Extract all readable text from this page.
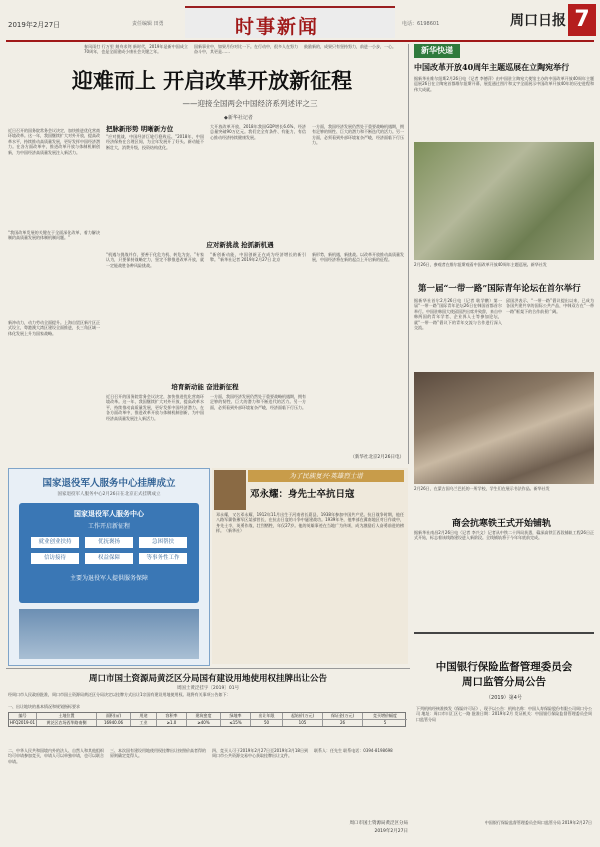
2019年2月27日	责任编辑 田勇	时事新闻	电话：6198601	周口日报 7
春风雨打 行万里 刻舟求剑 新时代，2019年是新中国成立70周年，也是全面建成小康社会关键之年。
国新事业中，如果月份对比一下。在行动中，很多人在努力奋斗中，其更是……
鼓励新的，成果只有坚持努力，前进一小步，一心。
迎难而上 开启改革开放新征程
——迎接全国两会中国经济系列述评之三
◆新华社记者
近日召开的国务院常务会议决定，加快推进优化营商环境改革。这一年，我国继续扩大对外开放，提高改革水平，持续推动高质量发展，更好发挥中国经济潜力。在各方面改革中，推进改革开放与体制机制创新，为中国经济高质量发展注入新活力。
“我国改革发展的关键在于全面深化改革，着力解决制约高质量发展的体制机制问题。”
新冲动力，动力劳动全面提升。上海自贸区新片区正式设立，粤港澳大湾区建设全面推进，长三角区域一体化发展上升为国家战略。
把脉新形势 明晰新方位
“应对挑战，中国经济巨轮行稳致远。”2018年，中国经济保持在合理区间，为全年发展开了好头。新动能不断壮大，消费升级，投资结构优化。
大开放改革开放，2018年我国GDP增长6.6%，经济总量突破90万亿元。我们完全有条件、有能力、有信心推动经济持续健康发展。
一方面，我国经济发展仍然处于重要战略机遇期，拥有足够的韧性、巨大的潜力和不断迭代的活力。另一方面，必须看到外部环境复杂严峻，经济面临下行压力。
应对新挑战 抢抓新机遇
“机遇与挑战并存，要善于化危为机、转危为安。”专家认为，只要保持战略定力，坚定不移推进改革开放，就一定能战胜各种风险挑战。
“新创新动能，中国创新正在成为经济增长的新引擎。”新华社记者 2019年2月27日 北京
新形势，新机遇，新挑战。以改革开放推动高质量发展，中国经济将在新的起点上开启新的征程。
培育新动能 奋进新征程
近日召开的国务院常务会议决定，加快推进优化营商环境改革。这一年，我国继续扩大对外开放，提高改革水平，持续推动高质量发展，更好发挥中国经济潜力。在各方面改革中，推进改革开放与体制机制创新，为中国经济高质量发展注入新活力。
一方面，我国经济发展仍然处于重要战略机遇期，拥有足够的韧性、巨大的潜力和不断迭代的活力。另一方面，必须看到外部环境复杂严峻，经济面临下行压力。
（新华社北京2月26日电）
新华快递
中国改革开放40周年主题巡展在立陶宛举行
据新华社维尔纽斯2月26日电（记者 李德萍）由中国驻立陶宛大使馆主办的中国改革开放40周年主题巡展26日在立陶宛首都维尔纽斯开幕，展览通过图片和文字全面展示中国改革开放40年的历史进程和伟大成就。
2月26日，参观者在维尔纽斯观看中国改革开放40周年主题巡展。新华社发
第一届“一带一路”国际青年论坛在首尔举行
据新华社首尔2月26日电（记者 耿学鹏）第一届“一带一路”国际青年论坛26日在韩国首都首尔举行。中国驻韩国大使邱国洪出席并致辞，来自中韩两国的青年学者、企业界人士等参加论坛，就“一带一路”倡议下的青年交流与合作进行深入交流。
邱国洪表示，“一带一路”倡议提出以来，已成为各国共建共享的国际公共产品，中韩双方在“一带一路”框架下的合作前景广阔。
2月26日，在蒙古国乌兰巴托的一所学校，学生们在展示书法作品。新华社发
商会抗寒铁王式开始铺轨
据新华社南昌2月26日电（记者 李兴文）记者从中铁二十四局获悉，赣深高铁江西段铺轨工程26日正式开始，标志着该线路建设进入新阶段。全线铺轨将于今年年底前完成。
国家退役军人服务中心挂牌成立
国家退役军人服务中心2月26日在北京正式挂牌成立
国家退役军人服务中心
工作开启新征程
就业创业扶持	优抚褒扬	急困帮扶
信访接待	权益保障	等事务性工作
主要为退役军人提供服务保障
为了民族复兴·英雄烈士谱
邓永耀：身先士卒抗日寇
邓永耀，又名邓永耀，1912年11月出生于河南省长葛县，1938年参加中国共产党。抗日战争时期，他任八路军冀鲁豫军区某部营长，在抗击日寇的斗争中屡建战功。1939年冬，他率部在冀南地区对日作战中，身先士卒，英勇作战，壮烈牺牲，年仅27岁。他的英雄事迹在当地广为传颂，成为激励后人奋勇前进的榜样。（新华社）
周口市国土资源局黄泛区分局国有建设用地使用权挂牌出让公告
周国土黄泛挂字〔2019〕01号
经周口市人民政府批准，周口市国土资源局黄泛区分局决定以挂牌方式出让1宗国有建设用地使用权。现将有关事项公告如下：
一、出让地块的基本情况和规划指标要求
编号	土地位置	面积(㎡)	用途	容积率	建筑密度	绿地率	出让年限	起始价(万元)	保证金(万元)	竞买增价幅度
HFQ2019-01	黄泛区农场西华路南侧	16940.06	工业	≥1.0	≥40%	≤15%	50	105	26	5
二、中华人民共和国境内外的法人、自然人和其他组织均可申请参加竞买，申请人可以单独申请，也可以联合申请。
三、本次国有建设用地使用权挂牌出让按照价高者得的原则确定竞得人。
四、竞买人可于2019年2月27日至2019年3月18日到周口市公共资源交易中心获取挂牌出让文件。
联系人：任先生 联系电话：0394-8198698
周口市国土资源局黄泛区分局
2019年2月27日
中国银行保险监督管理委员会
周口监管分局公告
（2019）第4号
下列机构经核准换发《保险许可证》，现予以公告：机构名称：中国人寿保险股份有限公司周口分公司 地址：周口市川汇区七一路 批准日期：2019年2月 发证机关：中国银行保险监督管理委员会周口监管分局
中国银行保险监督管理委员会周口监管分局 2019年2月27日
